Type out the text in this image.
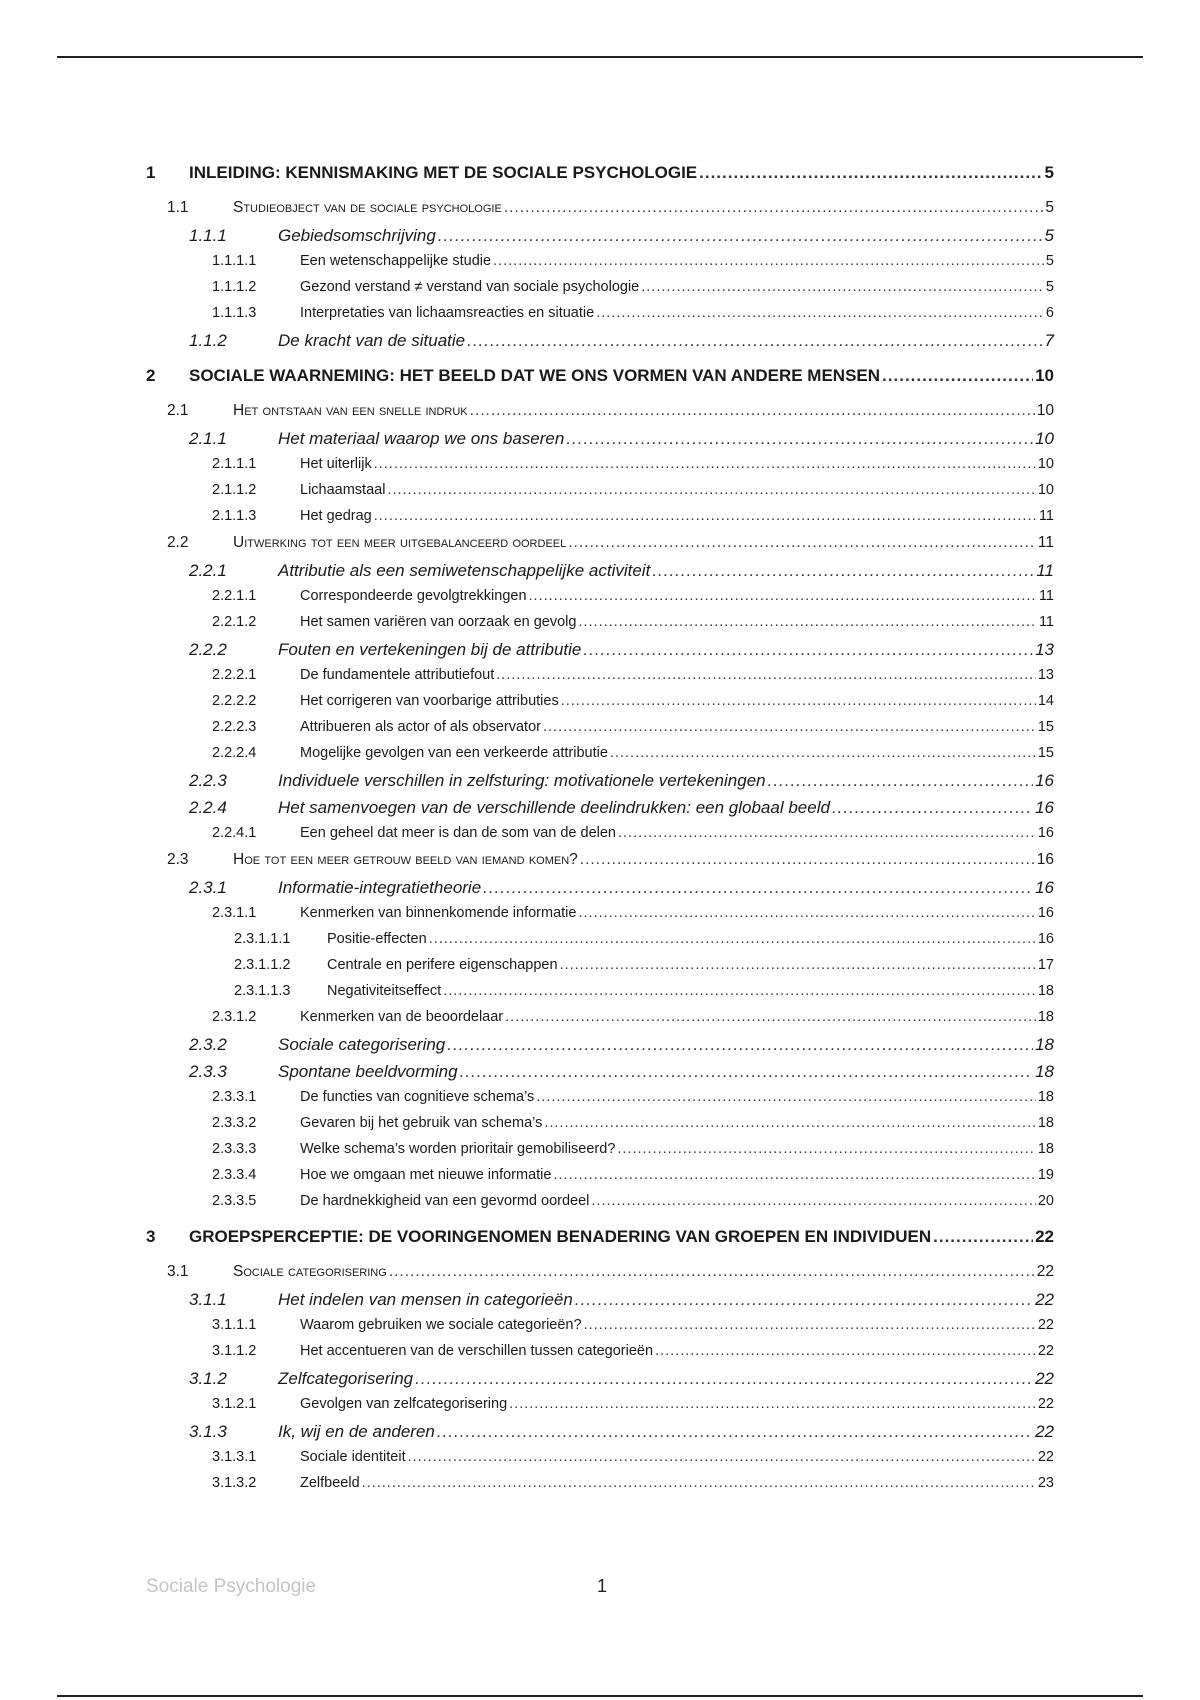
1	INLEIDING: KENNISMAKING MET DE SOCIALE PSYCHOLOGIE .....	5
1.1	Studieobject van de sociale psychologie .....	5
1.1.1	Gebiedsomschrijving .....	5
1.1.1.1	Een wetenschappelijke studie .....	5
1.1.1.2	Gezond verstand ≠ verstand van sociale psychologie .....	5
1.1.1.3	Interpretaties van lichaamsreacties en situatie .....	6
1.1.2	De kracht van de situatie .....	7
2	SOCIALE WAARNEMING: HET BEELD DAT WE ONS VORMEN VAN ANDERE MENSEN .....	10
2.1	Het ontstaan van een snelle indruk .....	10
2.1.1	Het materiaal waarop we ons baseren .....	10
2.1.1.1	Het uiterlijk .....	10
2.1.1.2	Lichaamstaal .....	10
2.1.1.3	Het gedrag .....	11
2.2	Uitwerking tot een meer uitgebalanceerd oordeel .....	11
2.2.1	Attributie als een semiwetenschappelijke activiteit .....	11
2.2.1.1	Correspondeerde gevolgtrekkingen .....	11
2.2.1.2	Het samen variëren van oorzaak en gevolg .....	11
2.2.2	Fouten en vertekeningen bij de attributie .....	13
2.2.2.1	De fundamentele attributiefout .....	13
2.2.2.2	Het corrigeren van voorbarige attributies .....	14
2.2.2.3	Attribueren als actor of als observator .....	15
2.2.2.4	Mogelijke gevolgen van een verkeerde attributie .....	15
2.2.3	Individuele verschillen in zelfsturing: motivationele vertekeningen .....	16
2.2.4	Het samenvoegen van de verschillende deelindrukken: een globaal beeld .....	16
2.2.4.1	Een geheel dat meer is dan de som van de delen .....	16
2.3	Hoe tot een meer getrouw beeld van iemand komen? .....	16
2.3.1	Informatie-integratietheorie .....	16
2.3.1.1	Kenmerken van binnenkomende informatie .....	16
2.3.1.1.1	Positie-effecten .....	16
2.3.1.1.2	Centrale en perifere eigenschappen .....	17
2.3.1.1.3	Negativiteitseffect .....	18
2.3.1.2	Kenmerken van de beoordelaar .....	18
2.3.2	Sociale categorisering .....	18
2.3.3	Spontane beeldvorming .....	18
2.3.3.1	De functies van cognitieve schema’s .....	18
2.3.3.2	Gevaren bij het gebruik van schema’s .....	18
2.3.3.3	Welke schema’s worden prioritair gemobiliseerd? .....	18
2.3.3.4	Hoe we omgaan met nieuwe informatie .....	19
2.3.3.5	De hardnekkigheid van een gevormd oordeel .....	20
3	GROEPSPERCEPTIE: DE VOORINGENOMEN BENADERING VAN GROEPEN EN INDIVIDUEN .....	22
3.1	Sociale categorisering .....	22
3.1.1	Het indelen van mensen in categorieën .....	22
3.1.1.1	Waarom gebruiken we sociale categorieën? .....	22
3.1.1.2	Het accentueren van de verschillen tussen categorieën .....	22
3.1.2	Zelfcategorisering .....	22
3.1.2.1	Gevolgen van zelfcategorisering .....	22
3.1.3	Ik, wij en de anderen .....	22
3.1.3.1	Sociale identiteit .....	22
3.1.3.2	Zelfbeeld .....	23
Sociale Psychologie	1
